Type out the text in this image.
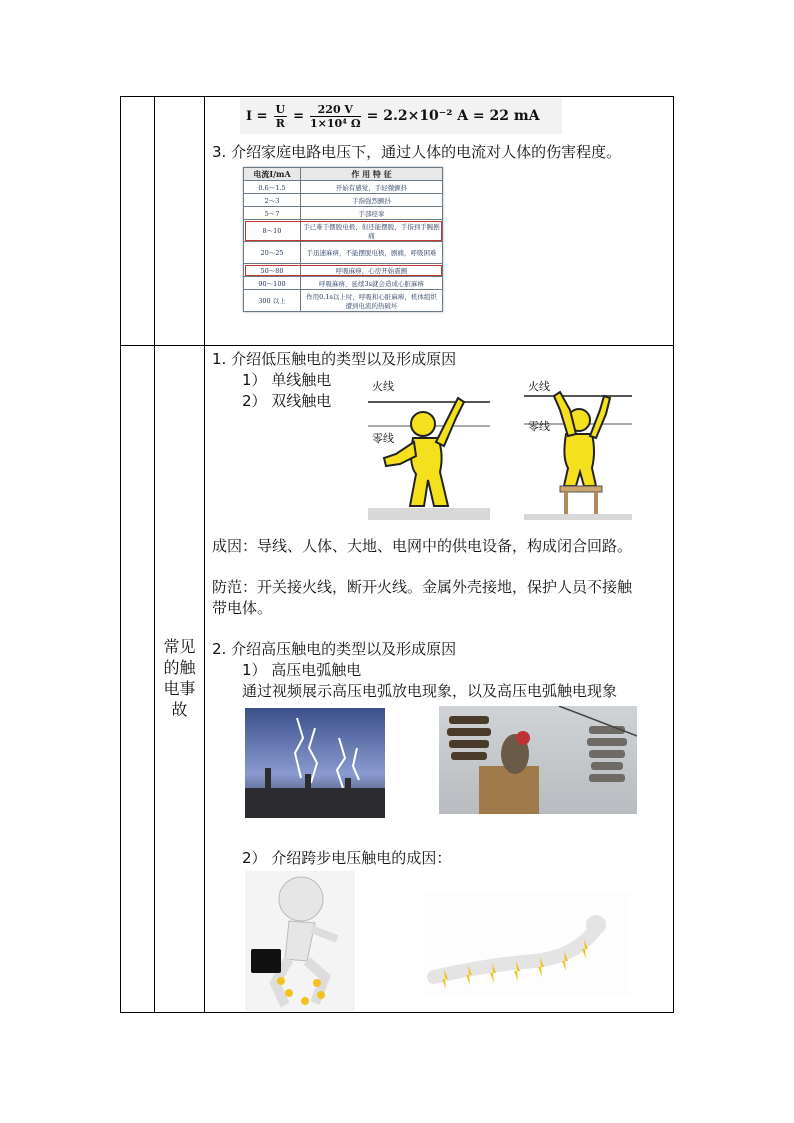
$I = \frac{U}{R} = \frac{220 V}{\text{1×10⁴ Ω}} = 2.2\times 10^{-2}$ A = 22 mA
3. 介绍家庭电路电压下，通过人体的电流对人体的伤害程度。
电流I/mA	作 用 特 征
0.6～1.5	开始有感觉，手轻微颤抖
2～3	手指强烈颤抖
5～7	手部痉挛
8～10	手已难于摆脱电极，但还能摆脱，手指到手腕剧痛
20～25	手迅速麻痹，不能摆脱电极，剧痛，呼吸困难
50～80	呼吸麻痹，心房开始震颤
90～100	呼吸麻痹，延续3s就会造成心脏麻痹
300 以上	作用0.1s以上时，呼吸和心脏麻痹，机体组织遭到电流的热破坏
常见
的触
电事
故
1. 介绍低压触电的类型以及形成原因
1） 单线触电
2） 双线触电
火线
零线
火线
零线
成因：导线、人体、大地、电网中的供电设备，构成闭合回路。
防范：开关接火线，断开火线。金属外壳接地，保护人员不接触
带电体。
2. 介绍高压触电的类型以及形成原因
1） 高压电弧触电
通过视频展示高压电弧放电现象，以及高压电弧触电现象
2） 介绍跨步电压触电的成因：
